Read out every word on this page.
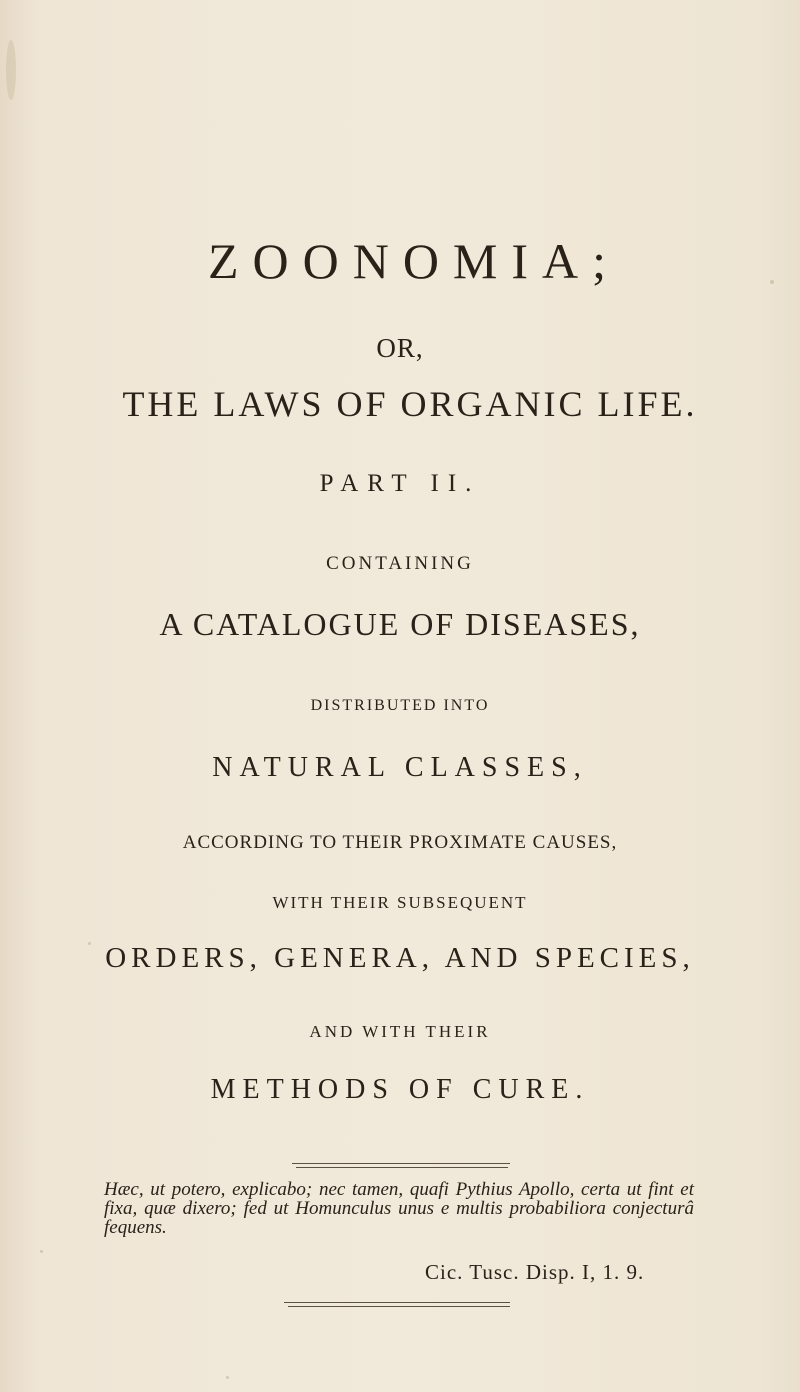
ZOONOMIA;
OR,
THE LAWS OF ORGANIC LIFE.
PART II.
CONTAINING
A CATALOGUE OF DISEASES,
DISTRIBUTED INTO
NATURAL CLASSES,
ACCORDING TO THEIR PROXIMATE CAUSES,
WITH THEIR SUBSEQUENT
ORDERS, GENERA, AND SPECIES,
AND WITH THEIR
METHODS OF CURE.
Hæc, ut potero, explicabo; nec tamen, quafi Pythius Apollo, certa ut fint et fixa, quæ dixero; fed ut Homunculus unus e multis probabiliora conjecturâ fequens.
Cic. Tusc. Disp. I, 1. 9.
